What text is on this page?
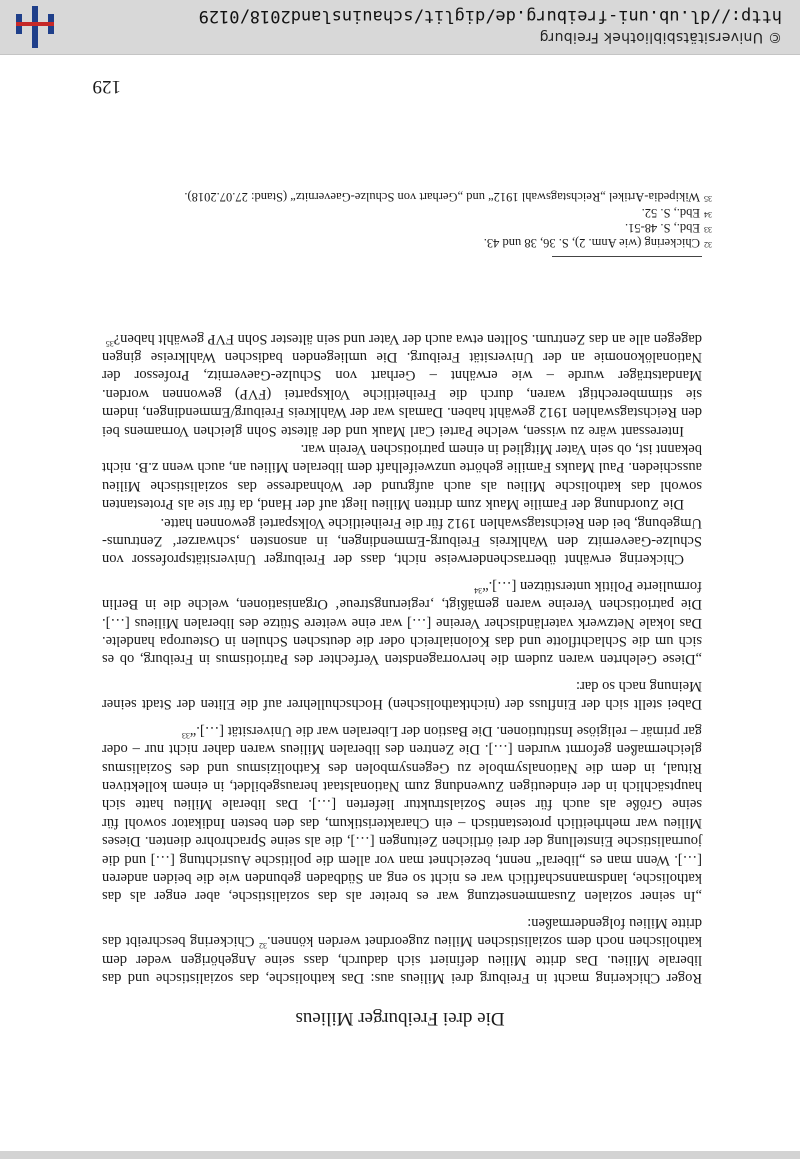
129
Die drei Freiburger Milieus

Roger Chickering macht in Freiburg drei Milieus aus: Das katholische, das sozialistische und das liberale Milieu. Das dritte Milieu definiert sich dadurch, dass seine Angehörigen weder dem katholischen noch dem sozialistischen Milieu zugeordnet werden können.$^{32}$ Chickering beschreibt das dritte Milieu folgendermaßen:

„In seiner sozialen Zusammensetzung war es breiter als das sozialistische, aber enger als das katholische, landsmannschaftlich war es nicht so eng an Südbaden gebunden wie die beiden anderen […]. Wenn man es „liberal“ nennt, bezeichnet man vor allem die politische Ausrichtung […] und die journalistische Einstellung der drei örtlichen Zeitungen […], die als seine Sprachrohre dienten. Dieses Milieu war mehrheitlich protestantisch – ein Charakteristikum, das den besten Indikator sowohl für seine Größe als auch für seine Sozialstruktur lieferten […]. Das liberale Milieu hatte sich hauptsächlich in der eindeutigen Zuwendung zum Nationalstaat herausgebildet, in einem kollektiven Ritual, in dem die Nationalsymbole zu Gegensymbolen des Katholizismus und des Sozialismus gleichermaßen geformt wurden […]. Die Zentren des liberalen Milieus waren daher nicht nur – oder gar primär – religiöse Institutionen. Die Bastion der Liberalen war die Universität […].“$^{33}$

Dabei stellt sich der Einfluss der (nichtkatholischen) Hochschullehrer auf die Eliten der Stadt seiner Meinung nach so dar:

„Diese Gelehrten waren zudem die hervorragendsten Verfechter des Patriotismus in Freiburg, ob es sich um die Schlachtflotte und das Kolonialreich oder die deutschen Schulen in Osteuropa handelte. Das lokale Netzwerk vaterländischer Vereine […] war eine weitere Stütze des liberalen Milieus […]. Die patriotischen Vereine waren gemäßigt, ‚regierungstreue‘ Organisationen, welche die in Berlin formulierte Politik unterstützen […].“$^{34}$

Chickering erwähnt überraschenderweise nicht, dass der Freiburger Universitätsprofessor von Schulze-Gaevernitz den Wahlkreis Freiburg-Emmendingen, in ansonsten ‚schwarzer‘ Zentrums-Umgebung, bei den Reichstagswahlen 1912 für die Freiheitliche Volkspartei gewonnen hatte.

Die Zuordnung der Familie Mauk zum dritten Milieu liegt auf der Hand, da für sie als Protestanten sowohl das katholische Milieu als auch aufgrund der Wohnadresse das sozialistische Milieu ausschieden. Paul Mauks Familie gehörte unzweifelhaft dem liberalen Milieu an, auch wenn z.B. nicht bekannt ist, ob sein Vater Mitglied in einem patriotischen Verein war.

Interessant wäre zu wissen, welche Partei Carl Mauk und der älteste Sohn gleichen Vornamens bei den Reichstagswahlen 1912 gewählt haben. Damals war der Wahlkreis Freiburg/Emmendingen, indem sie stimmberechtigt waren, durch die Freiheitliche Volkspartei (FVP) gewonnen worden. Mandatsträger wurde – wie erwähnt – Gerhart von Schulze-Gaevernitz, Professor der Nationalökonomie an der Universität Freiburg. Die umliegenden badischen Wahlkreise gingen dagegen alle an das Zentrum. Sollten etwa auch der Vater und sein ältester Sohn FVP gewählt haben?$^{35}$

32
Chickering (wie Anm. 2), S. 36, 38 und 43.
33
Ebd., S. 48-51.
34
Ebd., S. 52.
35
Wikipedia-Artikel „Reichstagswahl 1912“ und „Gerhart von Schulze-Gaevernitz“ (Stand: 27.07.2018).
© Universitätsbibliothek Freiburg
http://dl.ub.uni-freiburg.de/diglit/schauinsland2018/0129
